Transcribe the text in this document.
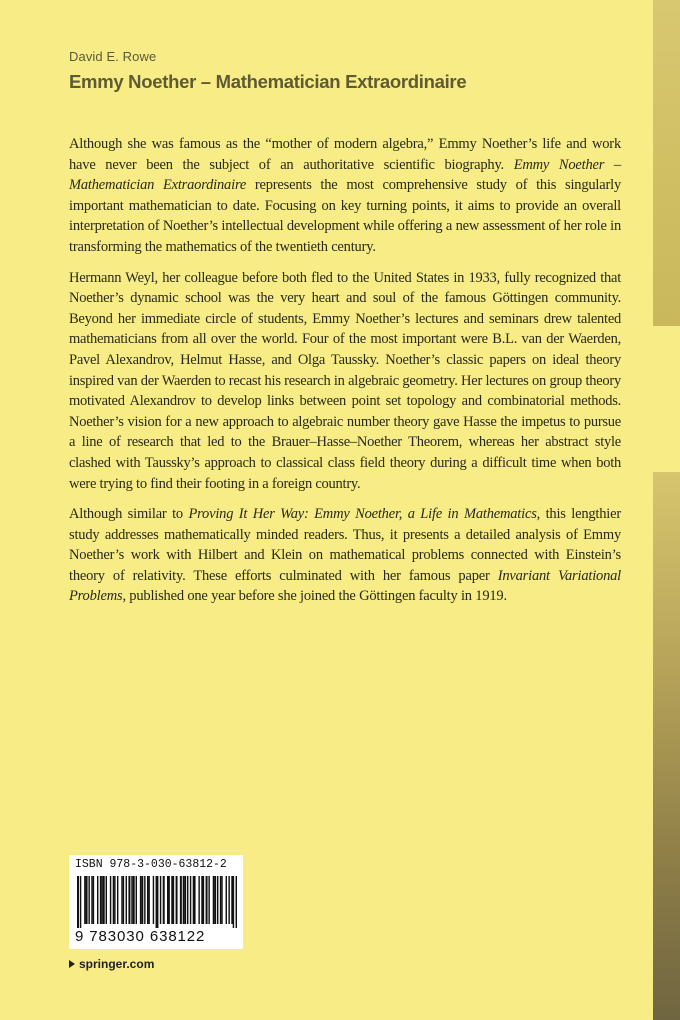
David E. Rowe
Emmy Noether – Mathematician Extraordinaire

Although she was famous as the “mother of modern algebra,” Emmy Noether’s life and work have never been the subject of an authoritative scientific biography. Emmy Noether – Mathematician Extraordinaire represents the most comprehensive study of this singularly important mathematician to date. Focusing on key turning points, it aims to provide an overall interpretation of Noether’s intellectual development while offering a new assessment of her role in transforming the mathematics of the twentieth century.

Hermann Weyl, her colleague before both fled to the United States in 1933, fully recognized that Noether’s dynamic school was the very heart and soul of the famous Göttingen community. Beyond her immediate circle of students, Emmy Noether’s lectures and seminars drew talented mathematicians from all over the world. Four of the most important were B.L. van der Waerden, Pavel Alexandrov, Helmut Hasse, and Olga Taussky. Noether’s classic papers on ideal theory inspired van der Waerden to recast his research in algebraic geometry. Her lectures on group theory motivated Alexandrov to develop links between point set topology and combinatorial methods. Noether’s vision for a new approach to algebraic number theory gave Hasse the impetus to pursue a line of research that led to the Brauer–Hasse–Noether Theorem, whereas her abstract style clashed with Taussky’s approach to classical class field theory during a difficult time when both were trying to find their footing in a foreign country.

Although similar to Proving It Her Way: Emmy Noether, a Life in Mathematics, this lengthier study addresses mathematically minded readers. Thus, it presents a detailed analysis of Emmy Noether’s work with Hilbert and Klein on mathematical problems connected with Einstein’s theory of relativity. These efforts culminated with her famous paper Invariant Variational Problems, published one year before she joined the Göttingen faculty in 1919.

ISBN 978-3-030-63812-2
9 783030 638122
springer.com
